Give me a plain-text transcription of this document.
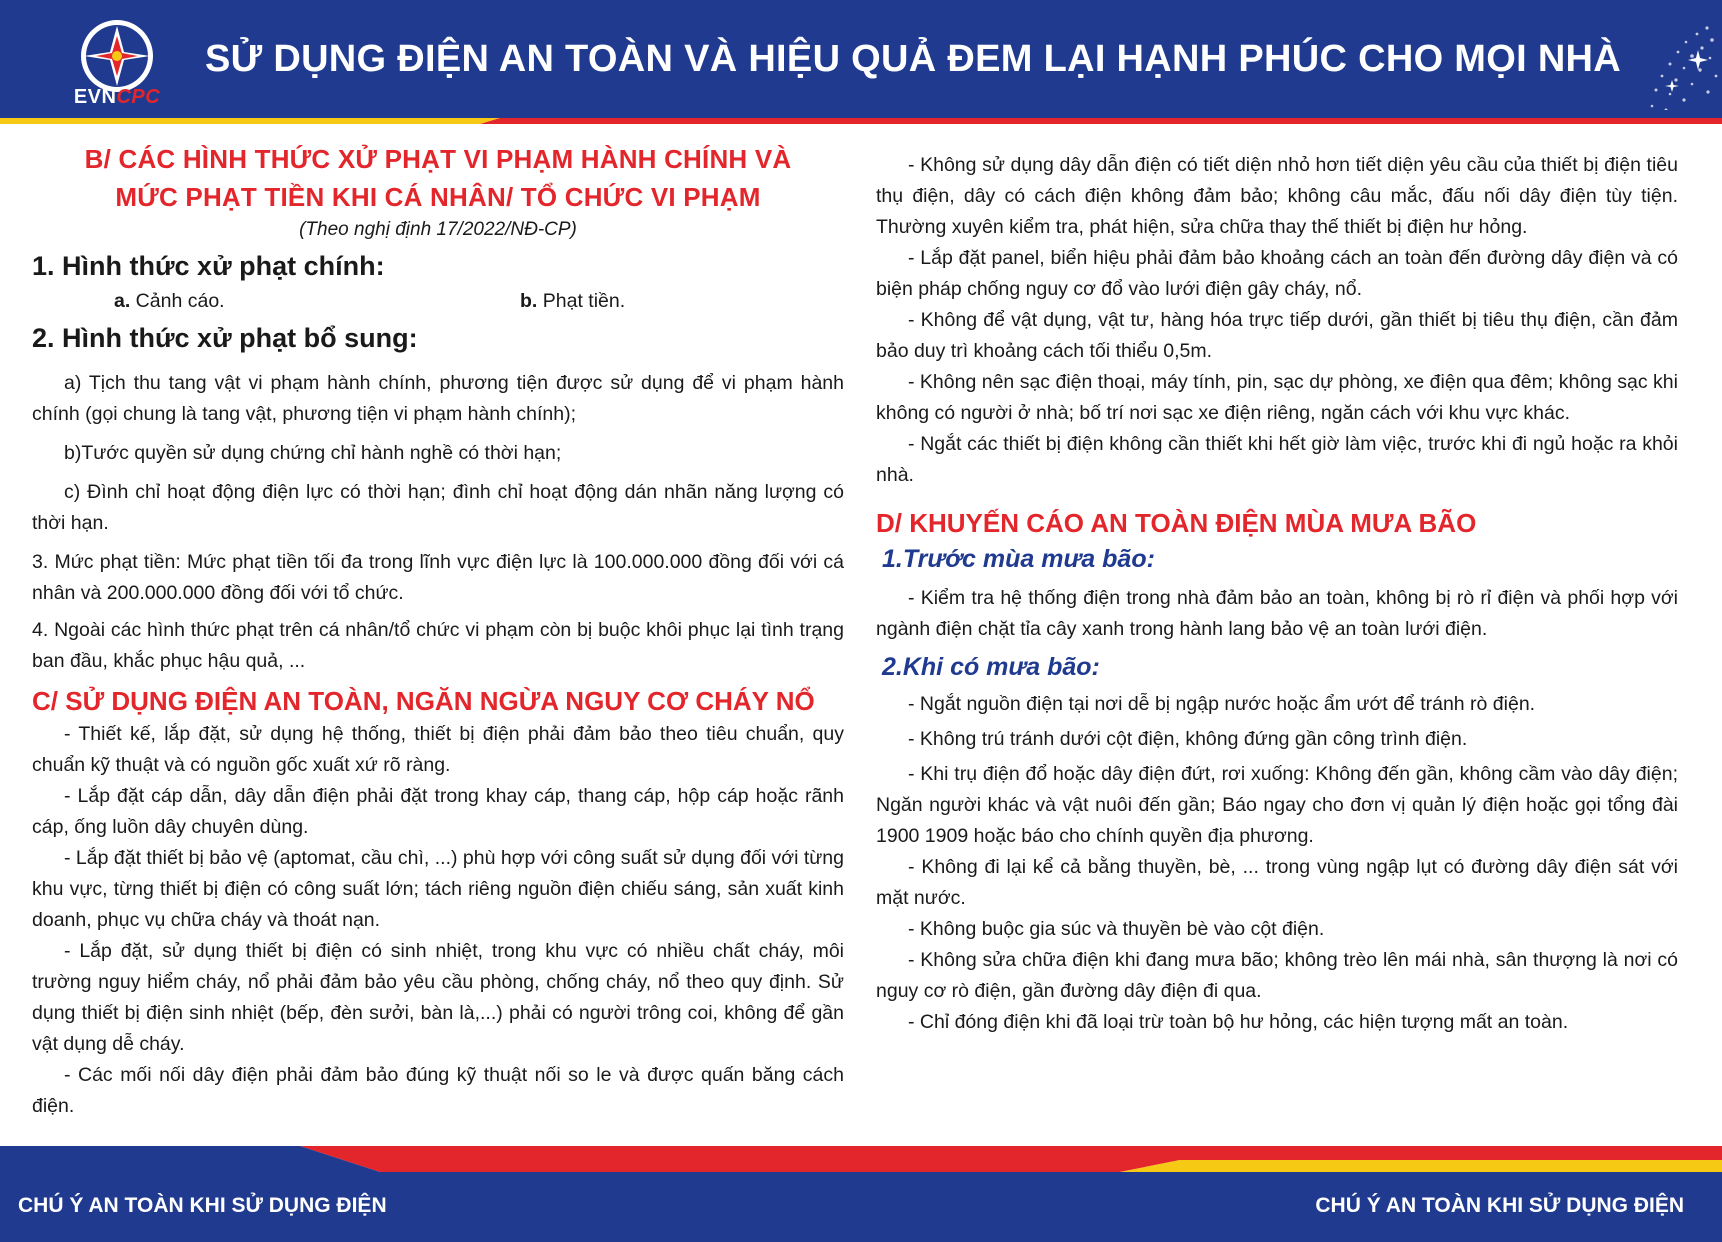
EVNCPC
SỬ DỤNG ĐIỆN AN TOÀN VÀ HIỆU QUẢ ĐEM LẠI HẠNH PHÚC CHO MỌI NHÀ

B/ CÁC HÌNH THỨC XỬ PHẠT VI PHẠM HÀNH CHÍNH VÀ

MỨC PHẠT TIỀN KHI CÁ NHÂN/ TỔ CHỨC VI PHẠM

(Theo nghị định 17/2022/NĐ-CP)

1. Hình thức xử phạt chính:

a. Cảnh cáo.	b. Phạt tiền.

2. Hình thức xử phạt bổ sung:

a) Tịch thu tang vật vi phạm hành chính, phương tiện được sử dụng để vi phạm hành chính (gọi chung là tang vật, phương tiện vi phạm hành chính);

b)Tước quyền sử dụng chứng chỉ hành nghề có thời hạn;

c) Đình chỉ hoạt động điện lực có thời hạn; đình chỉ hoạt động dán nhãn năng lượng có thời hạn.

3. Mức phạt tiền: Mức phạt tiền tối đa trong lĩnh vực điện lực là 100.000.000 đồng đối với cá nhân và 200.000.000 đồng đối với tổ chức.

4. Ngoài các hình thức phạt trên cá nhân/tổ chức vi phạm còn bị buộc khôi phục lại tình trạng ban đầu, khắc phục hậu quả, ...

C/ SỬ DỤNG ĐIỆN AN TOÀN, NGĂN NGỪA NGUY CƠ CHÁY NỔ

- Thiết kế, lắp đặt, sử dụng hệ thống, thiết bị điện phải đảm bảo theo tiêu chuẩn, quy chuẩn kỹ thuật và có nguồn gốc xuất xứ rõ ràng.

- Lắp đặt cáp dẫn, dây dẫn điện phải đặt trong khay cáp, thang cáp, hộp cáp hoặc rãnh cáp, ống luồn dây chuyên dùng.

- Lắp đặt thiết bị bảo vệ (aptomat, cầu chì, ...) phù hợp với công suất sử dụng đối với từng khu vực, từng thiết bị điện có công suất lớn; tách riêng nguồn điện chiếu sáng, sản xuất kinh doanh, phục vụ chữa cháy và thoát nạn.

- Lắp đặt, sử dụng thiết bị điện có sinh nhiệt, trong khu vực có nhiều chất cháy, môi trường nguy hiểm cháy, nổ phải đảm bảo yêu cầu phòng, chống cháy, nổ theo quy định. Sử dụng thiết bị điện sinh nhiệt (bếp, đèn sưởi, bàn là,...) phải có người trông coi, không để gần vật dụng dễ cháy.

- Các mối nối dây điện phải đảm bảo đúng kỹ thuật nối so le và được quấn băng cách điện.

- Không sử dụng dây dẫn điện có tiết diện nhỏ hơn tiết diện yêu cầu của thiết bị điện tiêu thụ điện, dây có cách điện không đảm bảo; không câu mắc, đấu nối dây điện tùy tiện. Thường xuyên kiểm tra, phát hiện, sửa chữa thay thế thiết bị điện hư hỏng.

- Lắp đặt panel, biển hiệu phải đảm bảo khoảng cách an toàn đến đường dây điện và có biện pháp chống nguy cơ đổ vào lưới điện gây cháy, nổ.

- Không để vật dụng, vật tư, hàng hóa trực tiếp dưới, gần thiết bị tiêu thụ điện, cần đảm bảo duy trì khoảng cách tối thiểu 0,5m.

- Không nên sạc điện thoại, máy tính, pin, sạc dự phòng, xe điện qua đêm; không sạc khi không có người ở nhà; bố trí nơi sạc xe điện riêng, ngăn cách với khu vực khác.

- Ngắt các thiết bị điện không cần thiết khi hết giờ làm việc, trước khi đi ngủ hoặc ra khỏi nhà.

D/ KHUYẾN CÁO AN TOÀN ĐIỆN MÙA MƯA BÃO

1.Trước mùa mưa bão:

- Kiểm tra hệ thống điện trong nhà đảm bảo an toàn, không bị rò rỉ điện và phối hợp với ngành điện chặt tỉa cây xanh trong hành lang bảo vệ an toàn lưới điện.

2.Khi có mưa bão:

- Ngắt nguồn điện tại nơi dễ bị ngập nước hoặc ẩm ướt để tránh rò điện.

- Không trú tránh dưới cột điện, không đứng gần công trình điện.

- Khi trụ điện đổ hoặc dây điện đứt, rơi xuống: Không đến gần, không cầm vào dây điện; Ngăn người khác và vật nuôi đến gần; Báo ngay cho đơn vị quản lý điện hoặc gọi tổng đài 1900 1909 hoặc báo cho chính quyền địa phương.

- Không đi lại kể cả bằng thuyền, bè, ... trong vùng ngập lụt có đường dây điện sát với mặt nước.

- Không buộc gia súc và thuyền bè vào cột điện.

- Không sửa chữa điện khi đang mưa bão; không trèo lên mái nhà, sân thượng là nơi có nguy cơ rò điện, gần đường dây điện đi qua.

- Chỉ đóng điện khi đã loại trừ toàn bộ hư hỏng, các hiện tượng mất an toàn.

CHÚ Ý AN TOÀN KHI SỬ DỤNG ĐIỆN	CHÚ Ý AN TOÀN KHI SỬ DỤNG ĐIỆN
